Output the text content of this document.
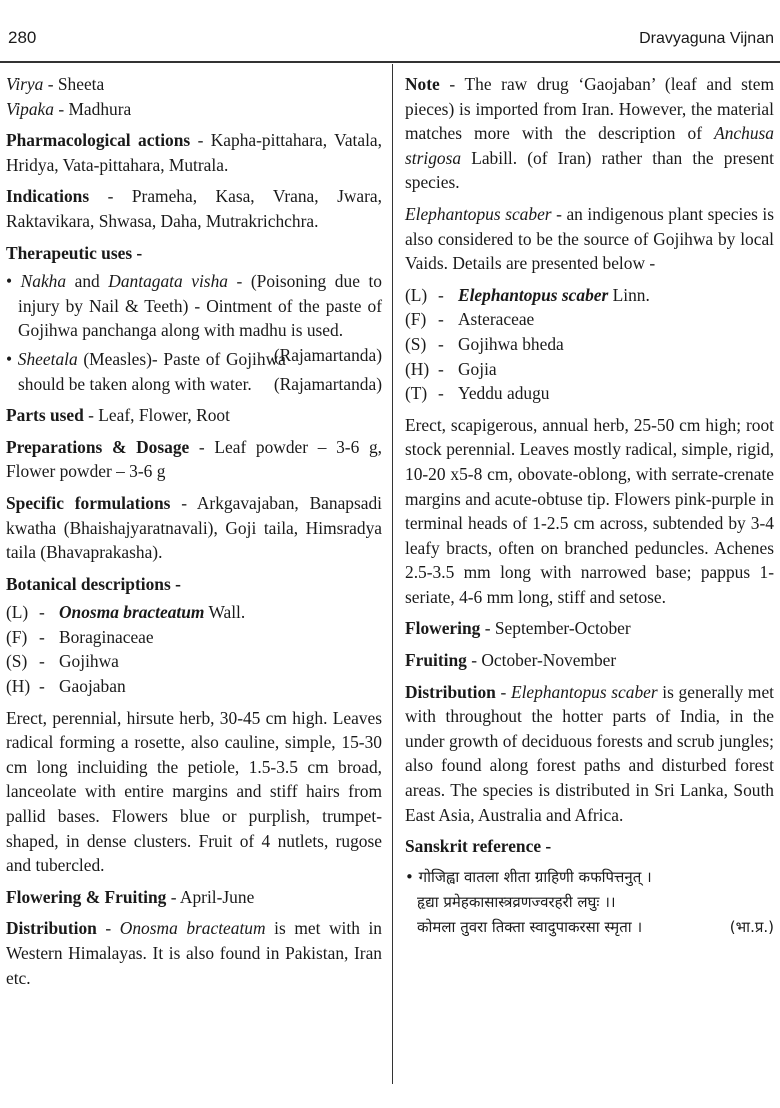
280	Dravyaguna Vijnan

Virya - Sheeta

Vipaka - Madhura

Pharmacological actions - Kapha-pittahara, Vatala, Hridya, Vata-pittahara, Mutrala.

Indications - Prameha, Kasa, Vrana, Jwara, Raktavikara, Shwasa, Daha, Mutrakrichchra.

Therapeutic uses -

• Nakha and Dantagata visha - (Poisoning due to injury by Nail & Teeth) - Ointment of the paste of Gojihwa panchanga along with madhu is used.
(Rajamartanda)

• Sheetala (Measles)- Paste of Gojihwa should be taken along with water. (Rajamartanda)

Parts used - Leaf, Flower, Root

Preparations & Dosage - Leaf powder – 3-6 g, Flower powder – 3-6 g

Specific formulations - Arkgavajaban, Banapsadi kwatha (Bhaishajyaratnavali), Goji taila, Himsradya taila (Bhavaprakasha).

Botanical descriptions -

(L) - Onosma bracteatum Wall.
(F) - Boraginaceae
(S) - Gojihwa
(H) - Gaojaban

Erect, perennial, hirsute herb, 30-45 cm high. Leaves radical forming a rosette, also cauline, simple, 15-30 cm long incluiding the petiole, 1.5-3.5 cm broad, lanceolate with entire margins and stiff hairs from pallid bases. Flowers blue or purplish, trumpet-shaped, in dense clusters. Fruit of 4 nutlets, rugose and tubercled.

Flowering & Fruiting - April-June

Distribution - Onosma bracteatum is met with in Western Himalayas. It is also found in Pakistan, Iran etc.

Note - The raw drug ‘Gaojaban’ (leaf and stem pieces) is imported from Iran. However, the material matches more with the description of Anchusa strigosa Labill. (of Iran) rather than the present species.

Elephantopus scaber - an indigenous plant species is also considered to be the source of Gojihwa by local Vaids. Details are presented below -

(L) - Elephantopus scaber Linn.
(F) - Asteraceae
(S) - Gojihwa bheda
(H) - Gojia
(T) - Yeddu adugu

Erect, scapigerous, annual herb, 25-50 cm high; root stock perennial. Leaves mostly radical, simple, rigid, 10-20 x5-8 cm, obovate-oblong, with serrate-crenate margins and acute-obtuse tip. Flowers pink-purple in terminal heads of 1-2.5 cm across, subtended by 3-4 leafy bracts, often on branched peduncles. Achenes 2.5-3.5 mm long with narrowed base; pappus 1- seriate, 4-6 mm long, stiff and setose.

Flowering - September-October

Fruiting - October-November

Distribution - Elephantopus scaber is generally met with throughout the hotter parts of India, in the under growth of deciduous forests and scrub jungles; also found along forest paths and disturbed forest areas. The species is distributed in Sri Lanka, South East Asia, Australia and Africa.

Sanskrit reference -

• गोजिह्वा वातला शीता ग्राहिणी कफपित्तनुत् ।
हृद्या प्रमेहकासास्त्रव्रणज्वरहरी लघुः ।।
कोमला तुवरा तिक्ता स्वादुपाकरसा स्मृता ।	(भा.प्र.)
